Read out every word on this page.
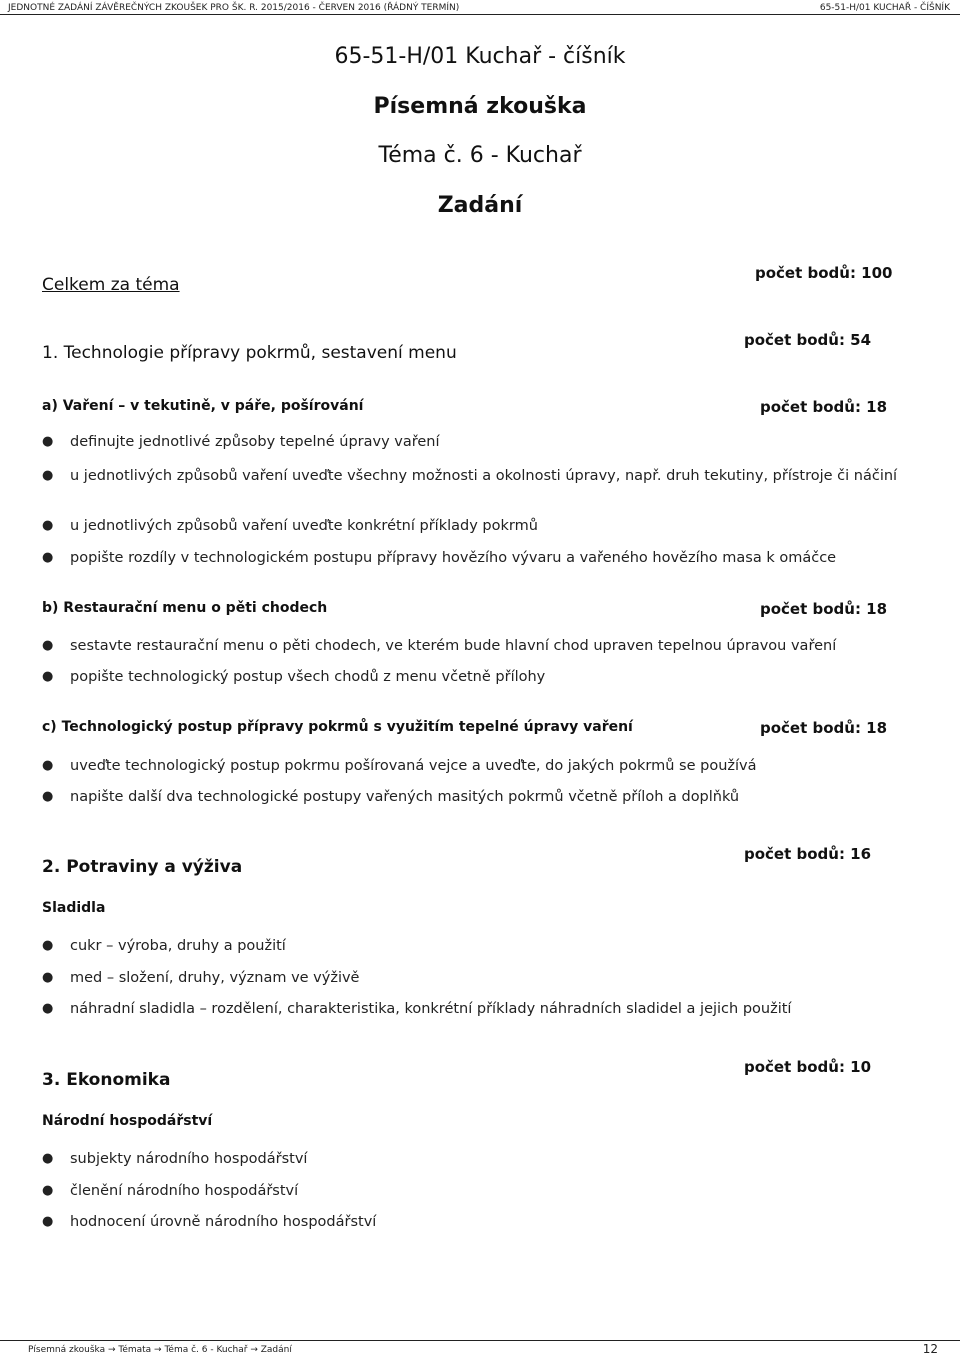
JEDNOTNÉ ZADÁNÍ ZÁVĚREČNÝCH ZKOUŠEK PRO ŠK. R. 2015/2016 - ČERVEN 2016 (ŘÁDNÝ TERMÍN)	65-51-H/01 KUCHAŘ - ČÍŠNÍK
65-51-H/01 Kuchař - číšník
Písemná zkouška
Téma č. 6 - Kuchař
Zadání
Celkem za téma
počet bodů: 100
1. Technologie přípravy pokrmů, sestavení menu
počet bodů: 54
a) Vaření – v tekutině, v páře, pošírování	počet bodů: 18
● definujte jednotlivé způsoby tepelné úpravy vaření
● u jednotlivých způsobů vaření uveďte všechny možnosti a okolnosti úpravy, např. druh tekutiny, přístroje či náčiní
● u jednotlivých způsobů vaření uveďte konkrétní příklady pokrmů
● popište rozdíly v technologickém postupu přípravy hovězího vývaru a vařeného hovězího masa k omáčce
b) Restaurační menu o pěti chodech	počet bodů: 18
● sestavte restaurační menu o pěti chodech, ve kterém bude hlavní chod upraven tepelnou úpravou vaření
● popište technologický postup všech chodů z menu včetně přílohy
c) Technologický postup přípravy pokrmů s využitím tepelné úpravy vaření	počet bodů: 18
● uveďte technologický postup pokrmu pošírovaná vejce a uveďte, do jakých pokrmů se používá
● napište další dva technologické postupy vařených masitých pokrmů včetně příloh a doplňků
2. Potraviny a výživa
počet bodů: 16
Sladidla
● cukr – výroba, druhy a použití
● med – složení, druhy, význam ve výživě
● náhradní sladidla – rozdělení, charakteristika, konkrétní příklady náhradních sladidel a jejich použití
3. Ekonomika
počet bodů: 10
Národní hospodářství
● subjekty národního hospodářství
● členění národního hospodářství
● hodnocení úrovně národního hospodářství
Písemná zkouška → Témata → Téma č. 6 - Kuchař → Zadání	12
